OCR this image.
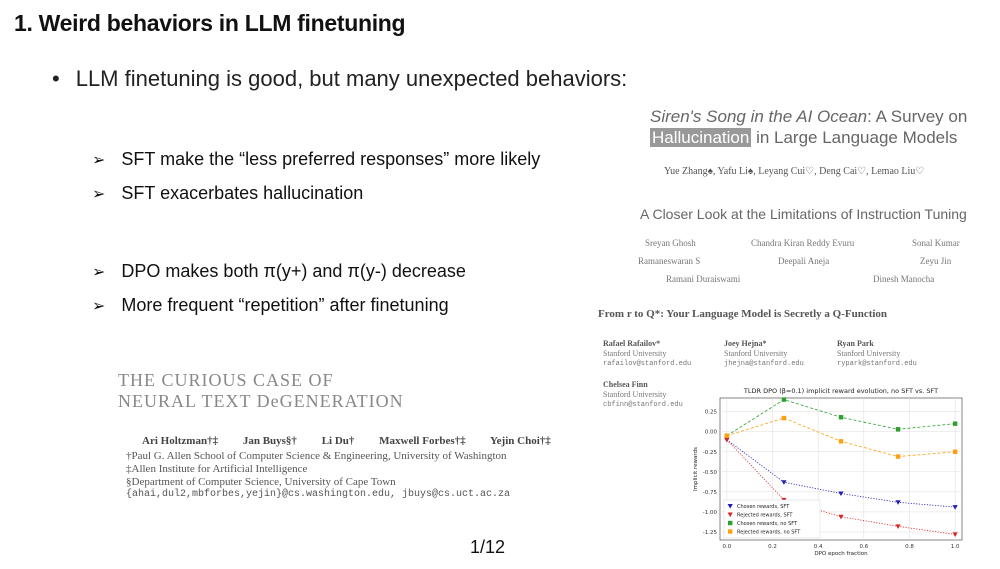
1. Weird behaviors in LLM finetuning
• LLM finetuning is good, but many unexpected behaviors:
➢ SFT make the “less preferred responses” more likely
➢ SFT exacerbates hallucination
➢ DPO makes both π(y+) and π(y-) decrease
➢ More frequent “repetition” after finetuning
Siren's Song in the AI Ocean: A Survey on
Hallucination in Large Language Models
Yue Zhang♠, Yafu Li♠, Leyang Cui♡, Deng Cai♡, Lemao Liu♡
A Closer Look at the Limitations of Instruction Tuning
Sreyan Ghosh	Chandra Kiran Reddy Evuru	Sonal Kumar
Ramaneswaran S	Deepali Aneja	Zeyu Jin
Ramani Duraiswami	Dinesh Manocha
From r to Q*: Your Language Model is Secretly a Q-Function
Rafael Rafailov*
Stanford University
rafailov@stanford.edu
Joey Hejna*
Stanford University
jhejna@stanford.edu
Ryan Park
Stanford University
rypark@stanford.edu
Chelsea Finn
Stanford University
cbfinn@stanford.edu
TLDR DPO (β=0.1) implicit reward evolution, no SFT vs. SFT
0.25
0.00
-0.25
-0.50
-0.75
-1.00
-1.25
0.0	0.2	0.4	0.6	0.8	1.0
DPO epoch fraction
Implicit rewards
Chosen rewards, SFT
Rejected rewards, SFT
Chosen rewards, no SFT
Rejected rewards, no SFT
THE CURIOUS CASE OF
NEURAL TEXT DeGENERATION
Ari Holtzman†‡ Jan Buys§† Li Du† Maxwell Forbes†‡ Yejin Choi†‡
†Paul G. Allen School of Computer Science & Engineering, University of Washington
‡Allen Institute for Artificial Intelligence
§Department of Computer Science, University of Cape Town
{ahai,dul2,mbforbes,yejin}@cs.washington.edu, jbuys@cs.uct.ac.za
1/12
